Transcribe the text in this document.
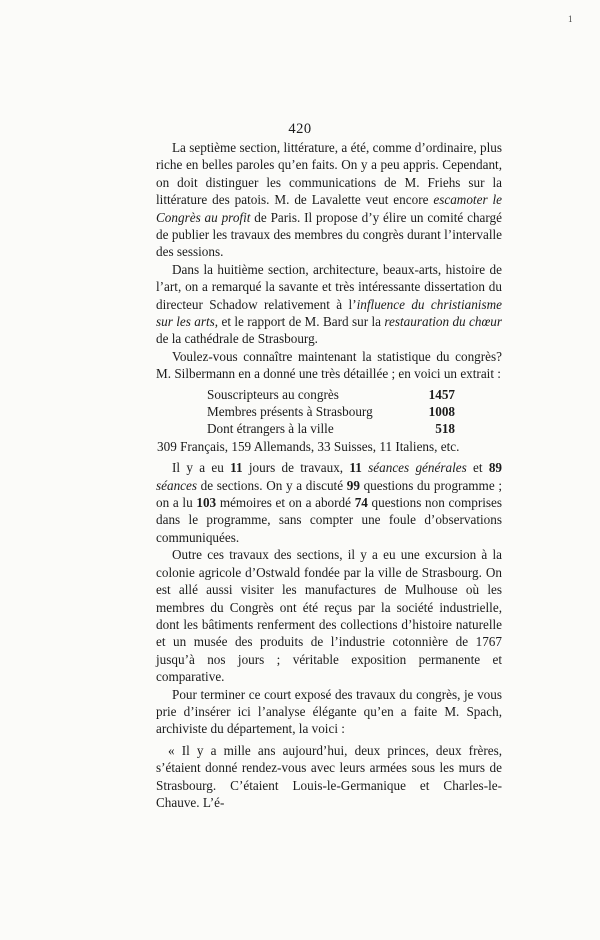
1
420

La septième section, littérature, a été, comme d’ordinaire, plus riche en belles paroles qu’en faits. On y a peu appris. Cependant, on doit distinguer les communications de M. Friehs sur la littérature des patois. M. de Lavalette veut encore escamoter le Congrès au profit de Paris. Il propose d’y élire un comité chargé de publier les travaux des membres du congrès durant l’intervalle des sessions.

Dans la huitième section, architecture, beaux-arts, histoire de l’art, on a remarqué la savante et très intéressante dissertation du directeur Schadow relativement à l’influence du christianisme sur les arts, et le rapport de M. Bard sur la restauration du chœur de la cathédrale de Strasbourg.

Voulez-vous connaître maintenant la statistique du congrès? M. Silbermann en a donné une très détaillée ; en voici un extrait :

Souscripteurs au congrès	1457
Membres présents à Strasbourg	1008
Dont étrangers à la ville	518

309 Français, 159 Allemands, 33 Suisses, 11 Italiens, etc.

Il y a eu 11 jours de travaux, 11 séances générales et 89 séances de sections. On y a discuté 99 questions du programme ; on a lu 103 mémoires et on a abordé 74 questions non comprises dans le programme, sans compter une foule d’observations communiquées.

Outre ces travaux des sections, il y a eu une excursion à la colonie agricole d’Ostwald fondée par la ville de Strasbourg. On est allé aussi visiter les manufactures de Mulhouse où les membres du Congrès ont été reçus par la société industrielle, dont les bâtiments renferment des collections d’histoire naturelle et un musée des produits de l’industrie cotonnière de 1767 jusqu’à nos jours ; véritable exposition permanente et comparative.

Pour terminer ce court exposé des travaux du congrès, je vous prie d’insérer ici l’analyse élégante qu’en a faite M. Spach, archiviste du département, la voici :

« Il y a mille ans aujourd’hui, deux princes, deux frères, s’étaient donné rendez-vous avec leurs armées sous les murs de Strasbourg. C’étaient Louis-le-Germanique et Charles-le-Chauve. L’é-
